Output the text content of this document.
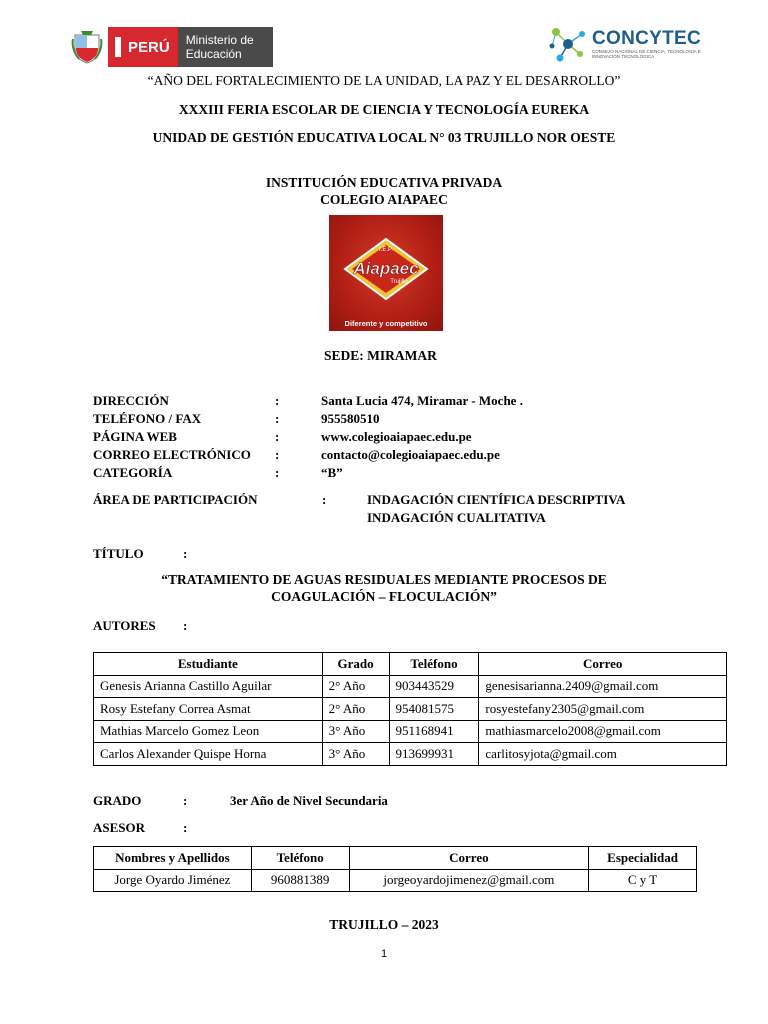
PERÚ	Ministerio de Educación
CONCYTEC
CONSEJO NACIONAL DE CIENCIA, TECNOLOGÍA E INNOVACIÓN TECNOLÓGICA
“AÑO DEL FORTALECIMIENTO DE LA UNIDAD, LA PAZ Y EL DESARROLLO”
XXXIII FERIA ESCOLAR DE CIENCIA Y TECNOLOGÍA EUREKA
UNIDAD DE GESTIÓN EDUCATIVA LOCAL N° 03 TRUJILLO NOR OESTE
INSTITUCIÓN EDUCATIVA PRIVADA
COLEGIO AIAPAEC
I.E.P.
Aiapaec
Trujillo
Diferente y competitivo
SEDE: MIRAMAR
DIRECCIÓN	:	Santa Lucia 474, Miramar - Moche .
TELÉFONO / FAX	:	955580510
PÁGINA WEB	:	www.colegioaiapaec.edu.pe
CORREO ELECTRÓNICO :	contacto@colegioaiapaec.edu.pe
CATEGORÍA	:	“B”
ÁREA DE PARTICIPACIÓN	:	INDAGACIÓN CIENTÍFICA DESCRIPTIVA
INDAGACIÓN CUALITATIVA
TÍTULO	:
“TRATAMIENTO DE AGUAS RESIDUALES MEDIANTE PROCESOS DE
COAGULACIÓN – FLOCULACIÓN”
AUTORES :
Estudiante	Grado	Teléfono	Correo
Genesis Arianna Castillo Aguilar	2° Año	903443529	genesisarianna.2409@gmail.com
Rosy Estefany Correa Asmat	2° Año	954081575	rosyestefany2305@gmail.com
Mathias Marcelo Gomez Leon	3° Año	951168941	mathiasmarcelo2008@gmail.com
Carlos Alexander Quispe Horna	3° Año	913699931	carlitosyjota@gmail.com
GRADO	:	3er Año de Nivel Secundaria
ASESOR	:
Nombres y Apellidos	Teléfono	Correo	Especialidad
Jorge Oyardo Jiménez	960881389	jorgeoyardojimenez@gmail.com	C y T
TRUJILLO – 2023
1
